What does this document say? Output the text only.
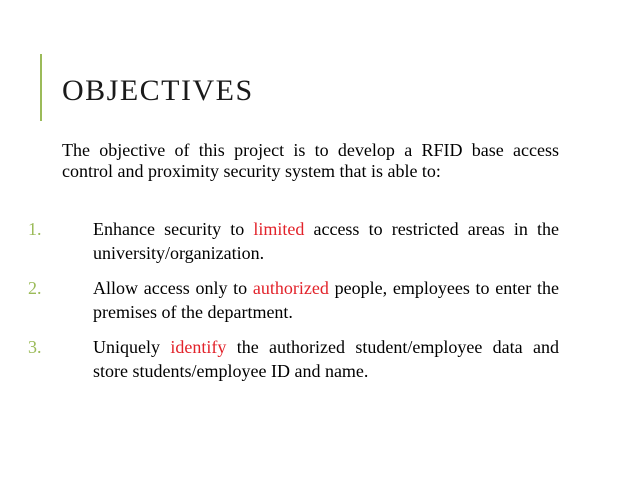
OBJECTIVES

The objective of this project is to develop a RFID base access control and proximity security system that is able to:

1.	Enhance security to limited access to restricted areas in the university/organization.
2.	Allow access only to authorized people, employees to enter the premises of the department.
3.	Uniquely identify the authorized student/employee data and store students/employee ID and name.
